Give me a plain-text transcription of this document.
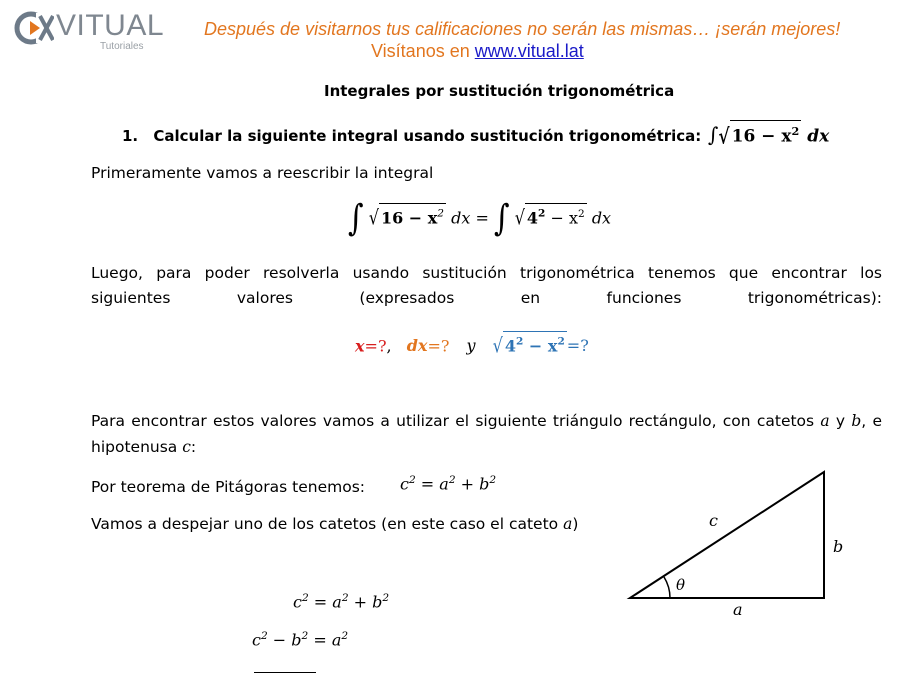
VITUAL
Tutoriales
Después de visitarnos tus calificaciones no serán las mismas… ¡serán mejores!
Visítanos en www.vitual.lat
Integrales por sustitución trigonométrica
1. Calcular la siguiente integral usando sustitución trigonométrica: ∫√ $16 - x^2$ dx
Primeramente vamos a reescribir la integral
∫ √ $16 - x^2$ dx = ∫ √ $4^2 - x^2$ dx
Luego, para poder resolverla usando sustitución trigonométrica tenemos que encontrar los siguientes valores (expresados en funciones trigonométricas):
x=?, dx=? y √ $4^2 - x^2$ =?
Para encontrar estos valores vamos a utilizar el siguiente triángulo rectángulo, con catetos a y b, e
hipotenusa c:
Por teorema de Pitágoras tenemos: $c^2 = a^2 + b^2$
Vamos a despejar uno de los catetos (en este caso el cateto a)
$c^2 = a^2 + b^2$
$c^2 - b^2 = a^2$
θ
c
b
a
